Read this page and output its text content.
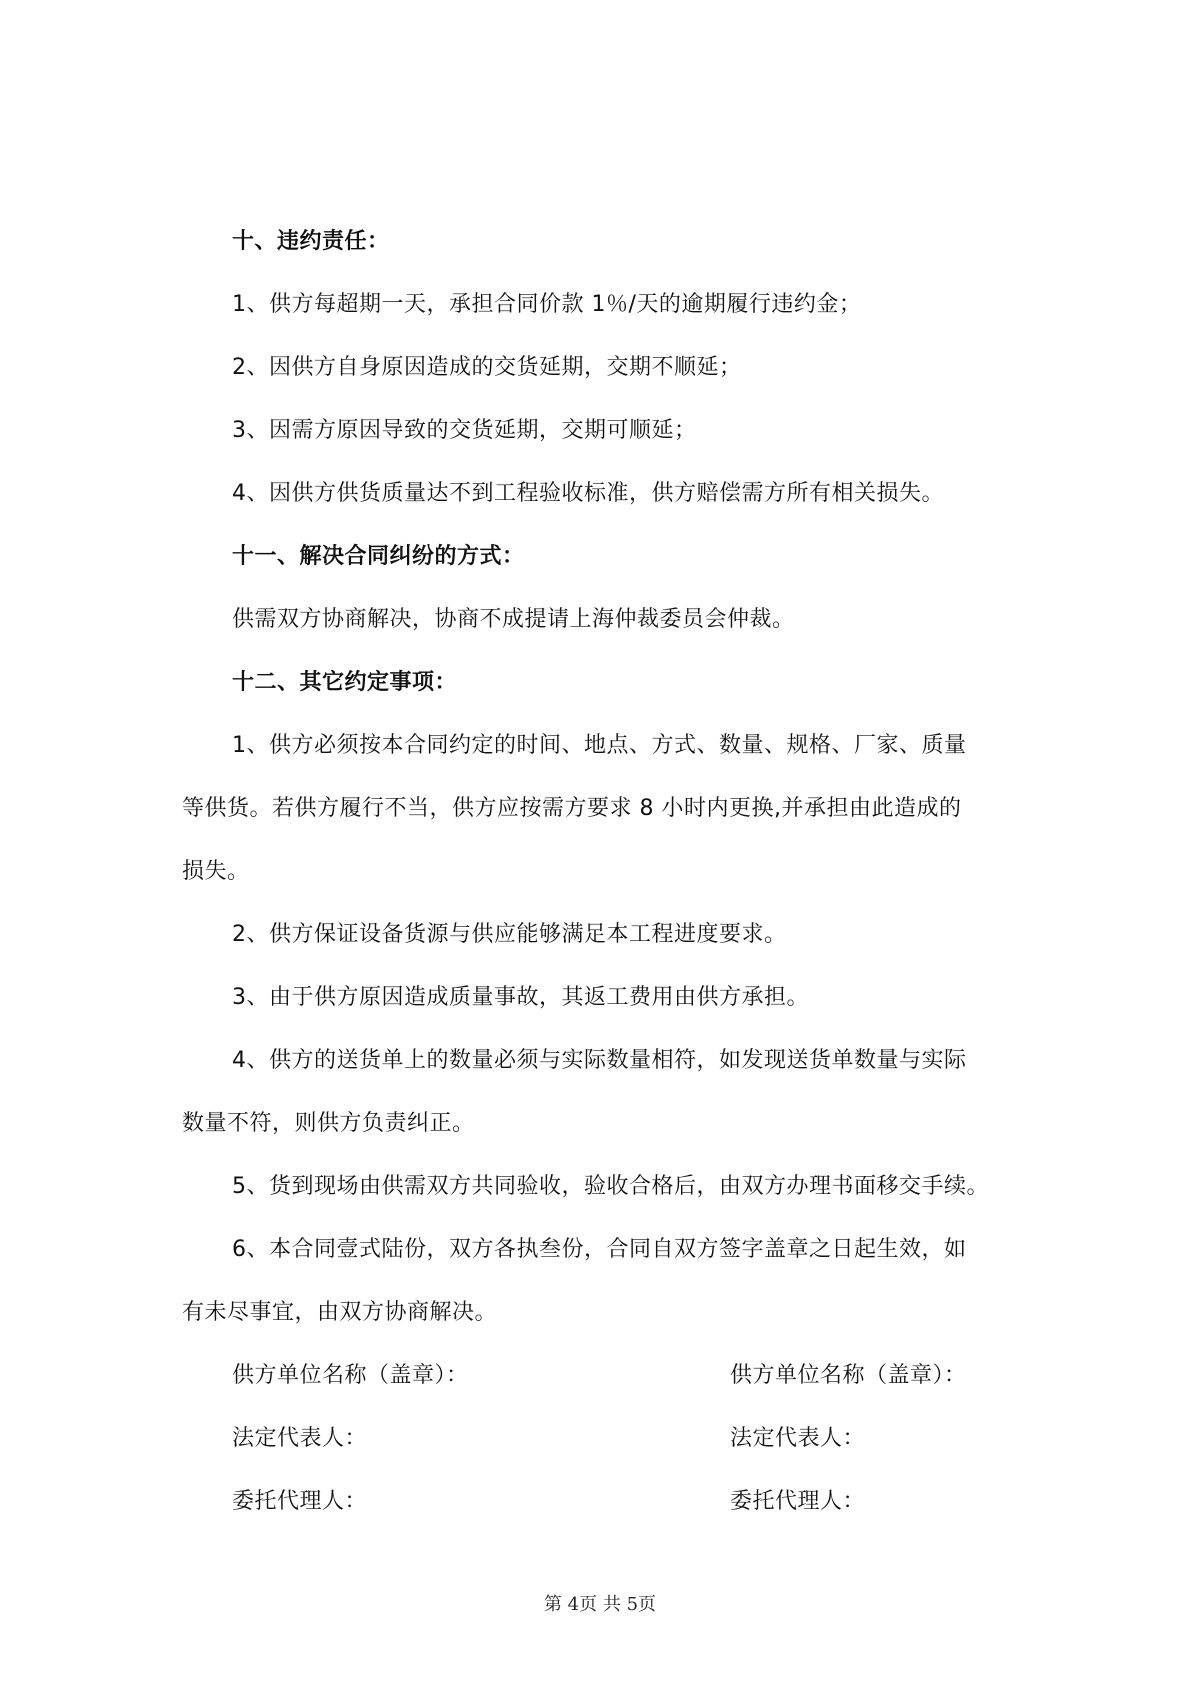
十、违约责任：
1、供方每超期一天，承担合同价款 1％/天的逾期履行违约金；
2、因供方自身原因造成的交货延期，交期不顺延；
3、因需方原因导致的交货延期，交期可顺延；
4、因供方供货质量达不到工程验收标准，供方赔偿需方所有相关损失。
十一、解决合同纠纷的方式：
供需双方协商解决，协商不成提请上海仲裁委员会仲裁。
十二、其它约定事项：
1、供方必须按本合同约定的时间、地点、方式、数量、规格、厂家、质量
等供货。若供方履行不当，供方应按需方要求 8 小时内更换,并承担由此造成的
损失。
2、供方保证设备货源与供应能够满足本工程进度要求。
3、由于供方原因造成质量事故，其返工费用由供方承担。
4、供方的送货单上的数量必须与实际数量相符，如发现送货单数量与实际
数量不符，则供方负责纠正。
5、货到现场由供需双方共同验收，验收合格后，由双方办理书面移交手续。
6、本合同壹式陆份，双方各执叁份，合同自双方签字盖章之日起生效，如
有未尽事宜，由双方协商解决。
供方单位名称（盖章）：	供方单位名称（盖章）：
法定代表人：	法定代表人：
委托代理人：	委托代理人：
第 4页 共 5页
